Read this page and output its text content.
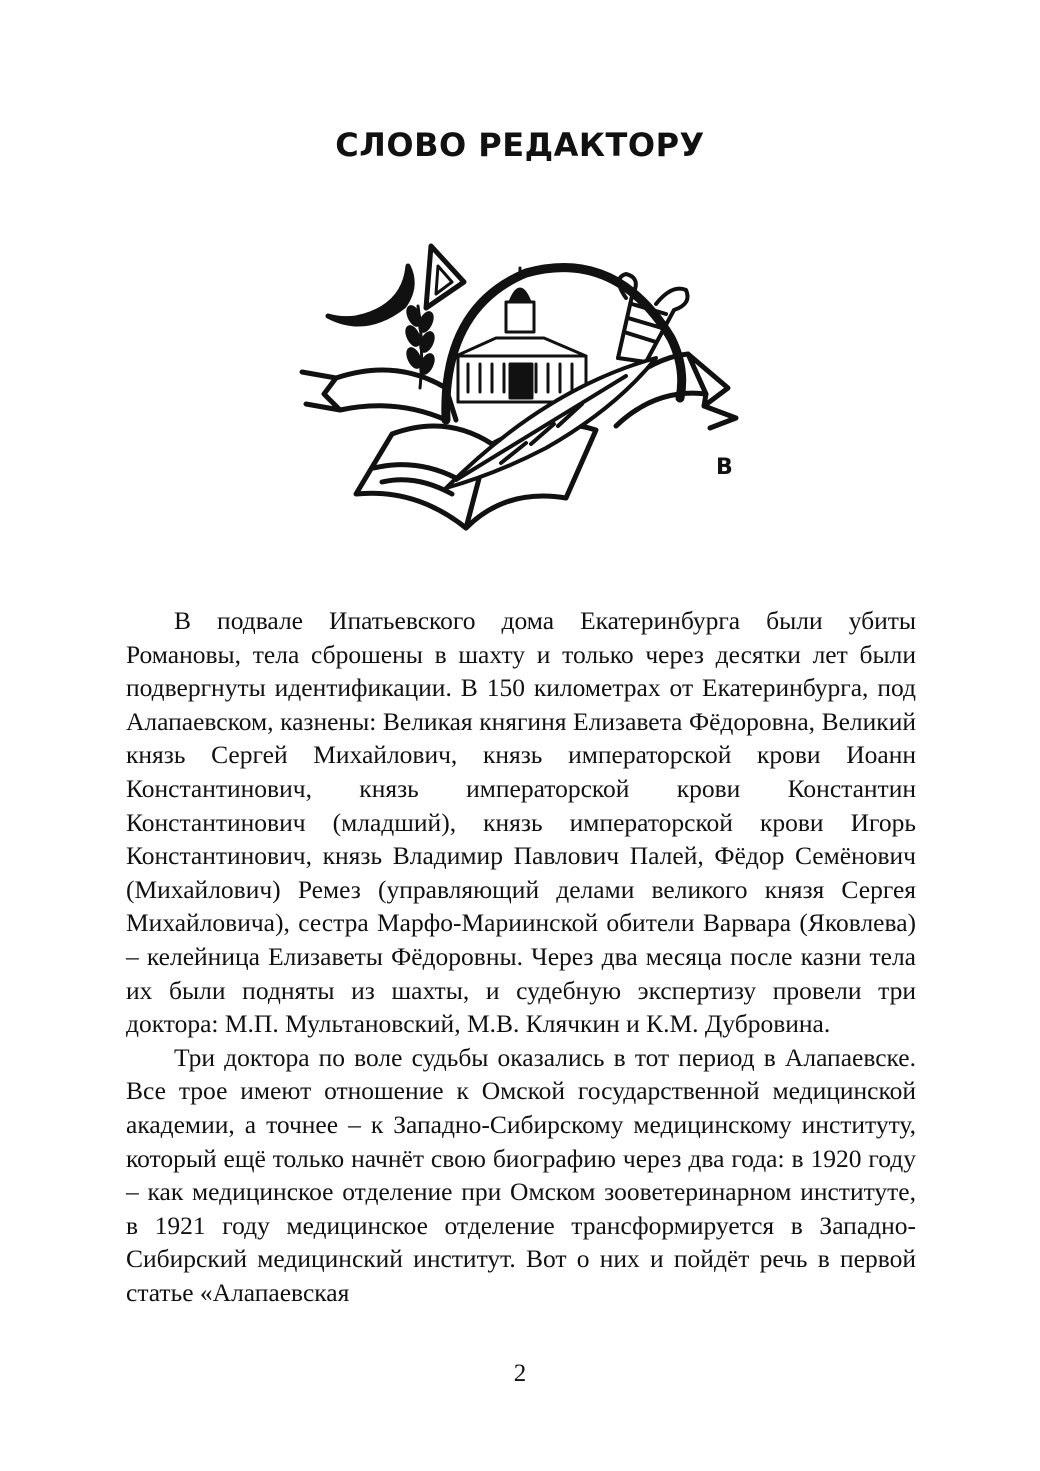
СЛОВО РЕДАКТОРУ
В

В подвале Ипатьевского дома Екатеринбурга были убиты Романовы, тела сброшены в шахту и только через десятки лет были подвергнуты идентификации. В 150 километрах от Екатеринбурга, под Алапаевском, казнены: Великая княгиня Елизавета Фёдоровна, Великий князь Сергей Михайлович, князь императорской крови Иоанн Константинович, князь императорской крови Константин Константинович (младший), князь императорской крови Игорь Константинович, князь Владимир Павлович Палей, Фёдор Семёнович (Михайлович) Ремез (управляющий делами великого князя Сергея Михайловича), сестра Марфо-Мариинской обители Варвара (Яковлева) – келейница Елизаветы Фёдоровны. Через два месяца после казни тела их были подняты из шахты, и судебную экспертизу провели три доктора: М.П. Мультановский, М.В. Клячкин и К.М. Дубровина.

Три доктора по воле судьбы оказались в тот период в Алапаевске. Все трое имеют отношение к Омской государственной медицинской академии, а точнее – к Западно-Сибирскому медицинскому институту, который ещё только начнёт свою биографию через два года: в 1920 году – как медицинское отделение при Омском зооветеринарном институте, в 1921 году медицинское отделение трансформируется в Западно-Сибирский медицинский институт. Вот о них и пойдёт речь в первой статье «Алапаевская

2
